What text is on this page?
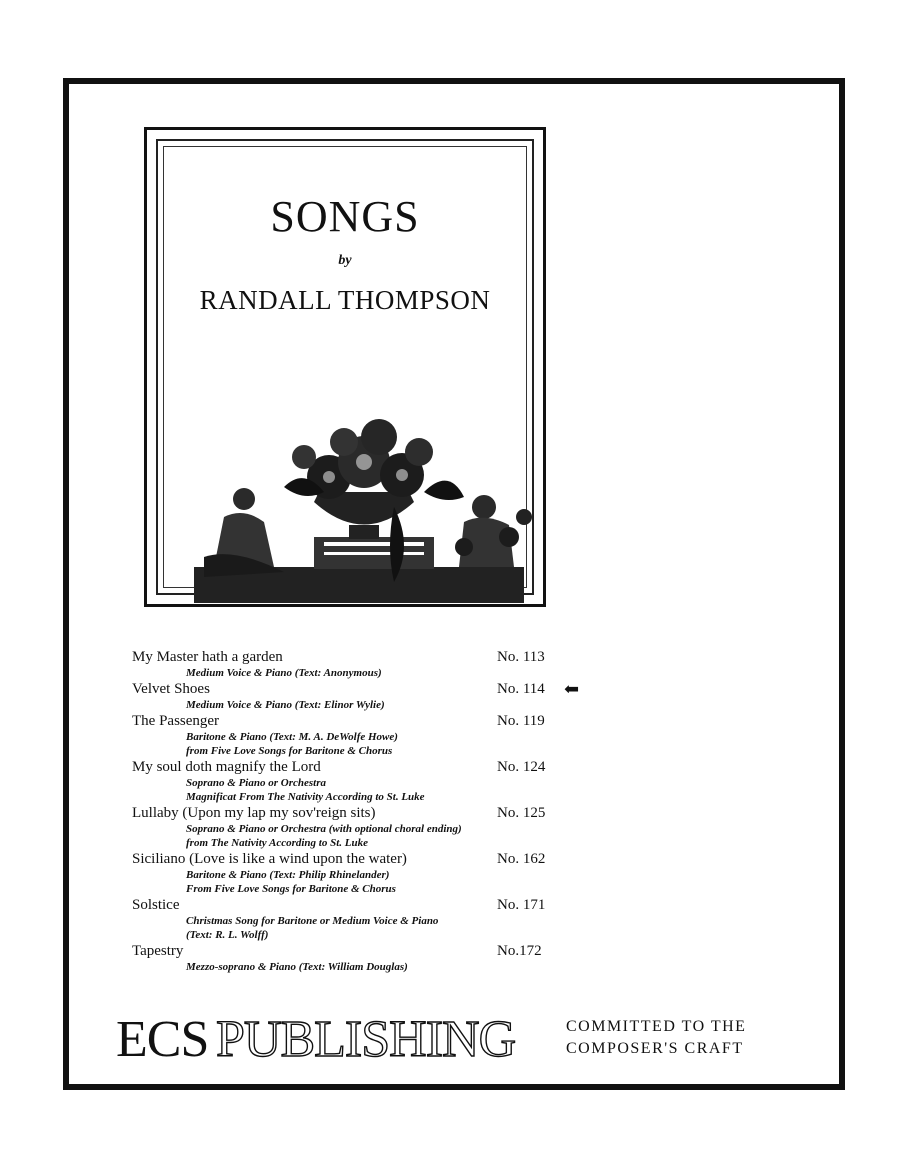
SONGS
by
RANDALL THOMPSON
My Master hath a garden	No. 113
Medium Voice & Piano (Text: Anonymous)
Velvet Shoes	No. 114 ⬅
Medium Voice & Piano (Text: Elinor Wylie)
The Passenger	No. 119
Baritone & Piano (Text: M. A. DeWolfe Howe)
from Five Love Songs for Baritone & Chorus
My soul doth magnify the Lord	No. 124
Soprano & Piano or Orchestra
Magnificat From The Nativity According to St. Luke
Lullaby (Upon my lap my sov'reign sits)	No. 125
Soprano & Piano or Orchestra (with optional choral ending)
from The Nativity According to St. Luke
Siciliano (Love is like a wind upon the water)	No. 162
Baritone & Piano (Text: Philip Rhinelander)
From Five Love Songs for Baritone & Chorus
Solstice	No. 171
Christmas Song for Baritone or Medium Voice & Piano
(Text: R. L. Wolff)
Tapestry	No.172
Mezzo-soprano & Piano (Text: William Douglas)
ECS PUBLISHING	COMMITTED TO THE
COMPOSER'S CRAFT
